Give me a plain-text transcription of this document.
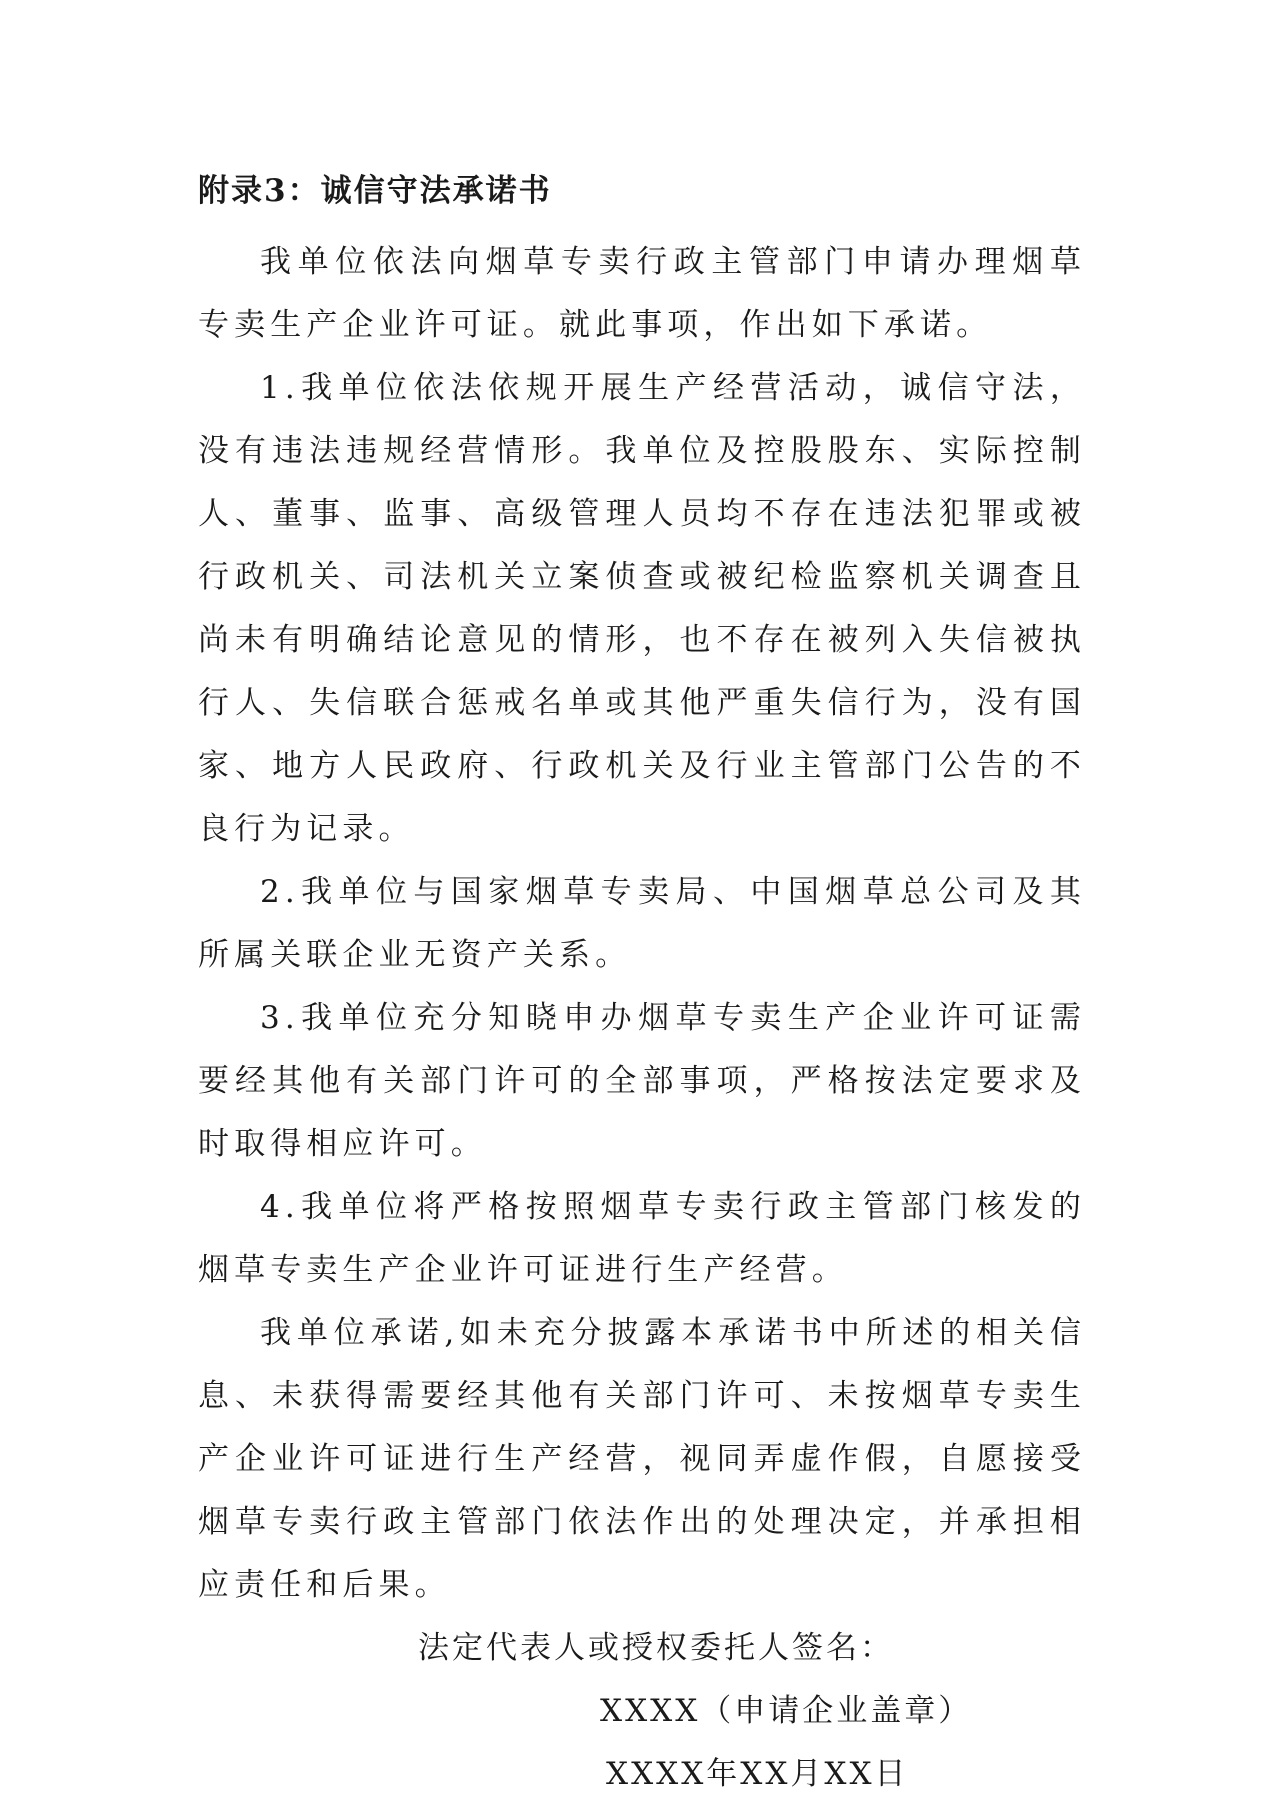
附录3：诚信守法承诺书

我单位依法向烟草专卖行政主管部门申请办理烟草专卖生产企业许可证。就此事项，作出如下承诺。

1.我单位依法依规开展生产经营活动，诚信守法，没有违法违规经营情形。我单位及控股股东、实际控制人、董事、监事、高级管理人员均不存在违法犯罪或被行政机关、司法机关立案侦查或被纪检监察机关调查且尚未有明确结论意见的情形，也不存在被列入失信被执行人、失信联合惩戒名单或其他严重失信行为，没有国家、地方人民政府、行政机关及行业主管部门公告的不良行为记录。

2.我单位与国家烟草专卖局、中国烟草总公司及其所属关联企业无资产关系。

3.我单位充分知晓申办烟草专卖生产企业许可证需要经其他有关部门许可的全部事项，严格按法定要求及时取得相应许可。

4.我单位将严格按照烟草专卖行政主管部门核发的烟草专卖生产企业许可证进行生产经营。

我单位承诺,如未充分披露本承诺书中所述的相关信息、未获得需要经其他有关部门许可、未按烟草专卖生产企业许可证进行生产经营，视同弄虚作假，自愿接受烟草专卖行政主管部门依法作出的处理决定，并承担相应责任和后果。

法定代表人或授权委托人签名：

XXXX（申请企业盖章）

XXXX年XX月XX日
